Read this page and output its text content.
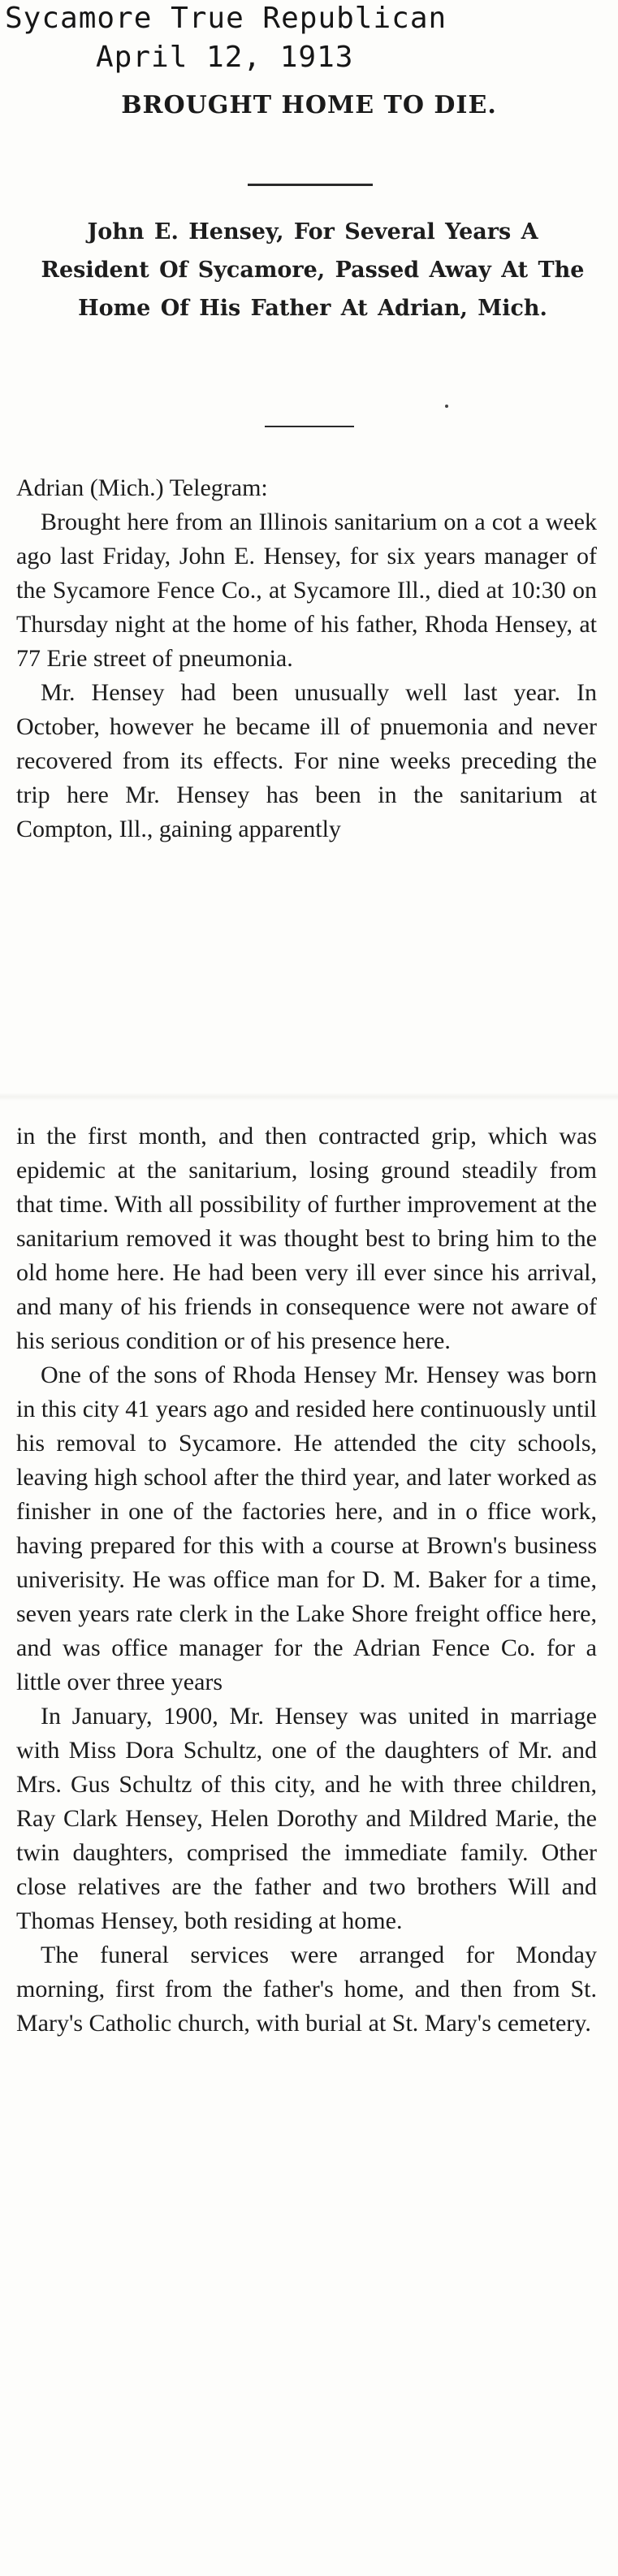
Sycamore True Republican
April 12, 1913
BROUGHT HOME TO DIE.
John E. Hensey, For Several Years A Resident Of Sycamore, Passed Away At The Home Of His Father At Adrian, Mich.

Adrian (Mich.) Telegram:

Brought here from an Illinois sanitarium on a cot a week ago last Friday, John E. Hensey, for six years manager of the Sycamore Fence Co., at Sycamore Ill., died at 10:30 on Thursday night at the home of his father, Rhoda Hensey, at 77 Erie street of pneumonia.

Mr. Hensey had been unusually well last year. In October, however he became ill of pnuemonia and never recovered from its effects. For nine weeks preceding the trip here Mr. Hensey has been in the sanitarium at Compton, Ill., gaining apparently

in the first month, and then contracted grip, which was epidemic at the sanitarium, losing ground steadily from that time. With all possibility of further improvement at the sanitarium removed it was thought best to bring him to the old home here. He had been very ill ever since his arrival, and many of his friends in consequence were not aware of his serious condition or of his presence here.

One of the sons of Rhoda Hensey Mr. Hensey was born in this city 41 years ago and resided here continuously until his removal to Sycamore. He attended the city schools, leaving high school after the third year, and later worked as finisher in one of the factories here, and in o ffice work, having prepared for this with a course at Brown's business univerisity. He was office man for D. M. Baker for a time, seven years rate clerk in the Lake Shore freight office here, and was office manager for the Adrian Fence Co. for a little over three years

In January, 1900, Mr. Hensey was united in marriage with Miss Dora Schultz, one of the daughters of Mr. and Mrs. Gus Schultz of this city, and he with three children, Ray Clark Hensey, Helen Dorothy and Mildred Marie, the twin daughters, comprised the immediate family. Other close relatives are the father and two brothers Will and Thomas Hensey, both residing at home.

The funeral services were arranged for Monday morning, first from the father's home, and then from St. Mary's Catholic church, with burial at St. Mary's cemetery.
